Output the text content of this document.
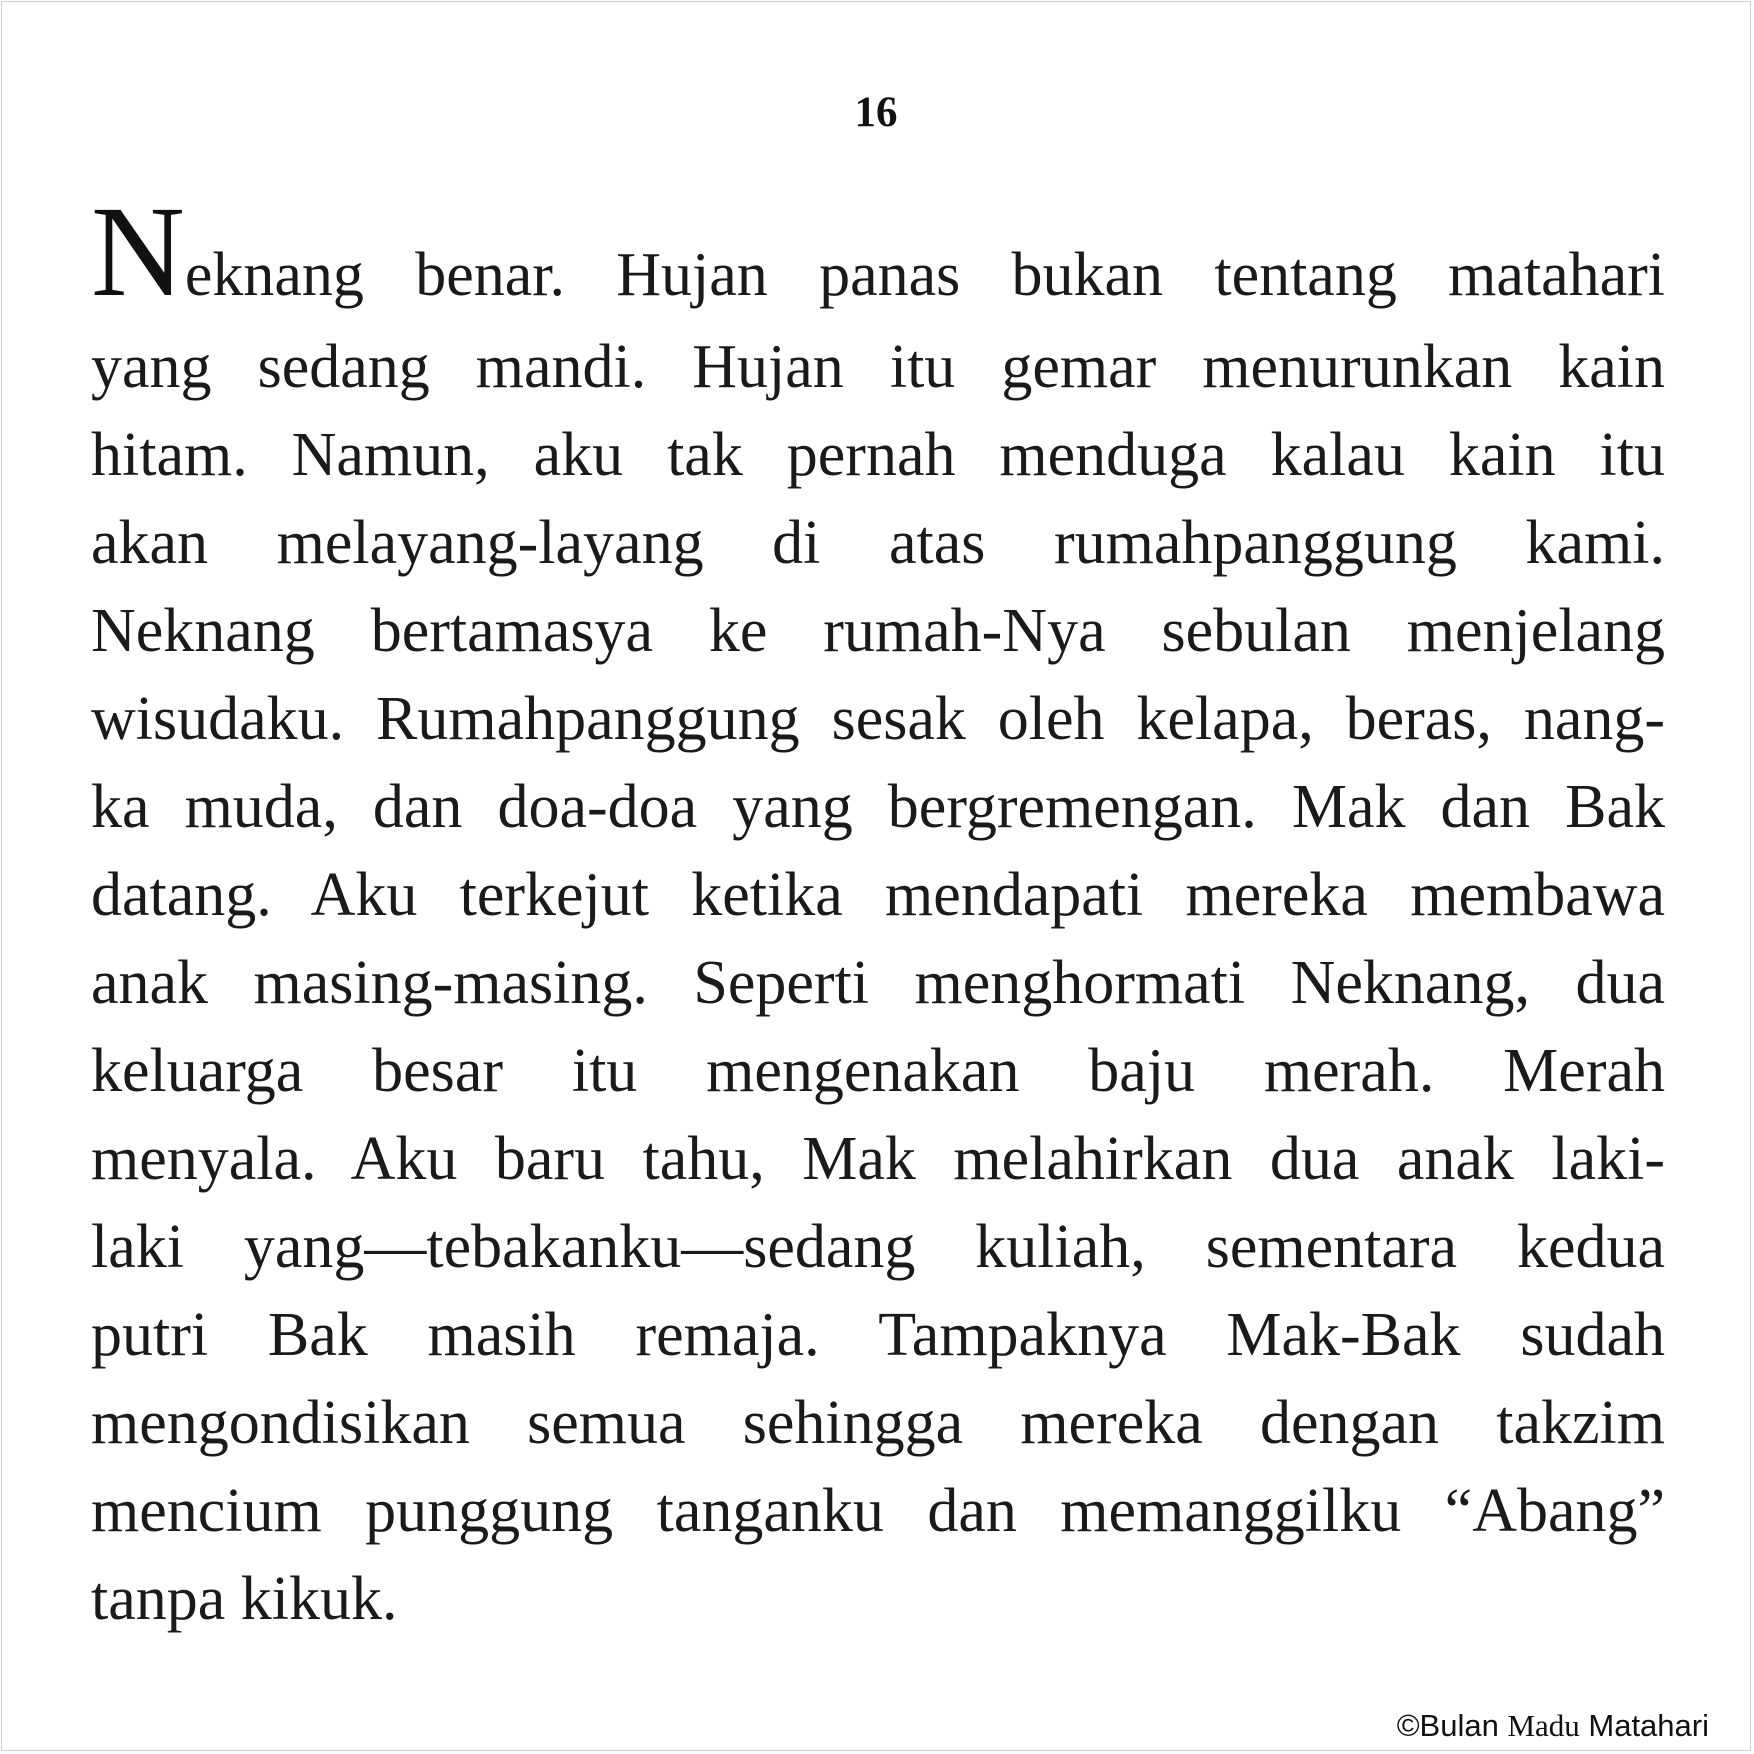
16
Neknang benar. Hujan panas bukan tentang matahari
yang sedang mandi. Hujan itu gemar menurunkan kain
hitam. Namun, aku tak pernah menduga kalau kain itu
akan melayang-layang di atas rumahpanggung kami.
Neknang bertamasya ke rumah-Nya sebulan menjelang
wisudaku. Rumahpanggung sesak oleh kelapa, beras, nang-
ka muda, dan doa-doa yang bergremengan. Mak dan Bak
datang. Aku terkejut ketika mendapati mereka membawa
anak masing-masing. Seperti menghormati Neknang, dua
keluarga besar itu mengenakan baju merah. Merah
menyala. Aku baru tahu, Mak melahirkan dua anak laki-
laki yang—tebakanku—sedang kuliah, sementara kedua
putri Bak masih remaja. Tampaknya Mak-Bak sudah
mengondisikan semua sehingga mereka dengan takzim
mencium punggung tanganku dan memanggilku “Abang”
tanpa kikuk.
©Bulan Madu Matahari
